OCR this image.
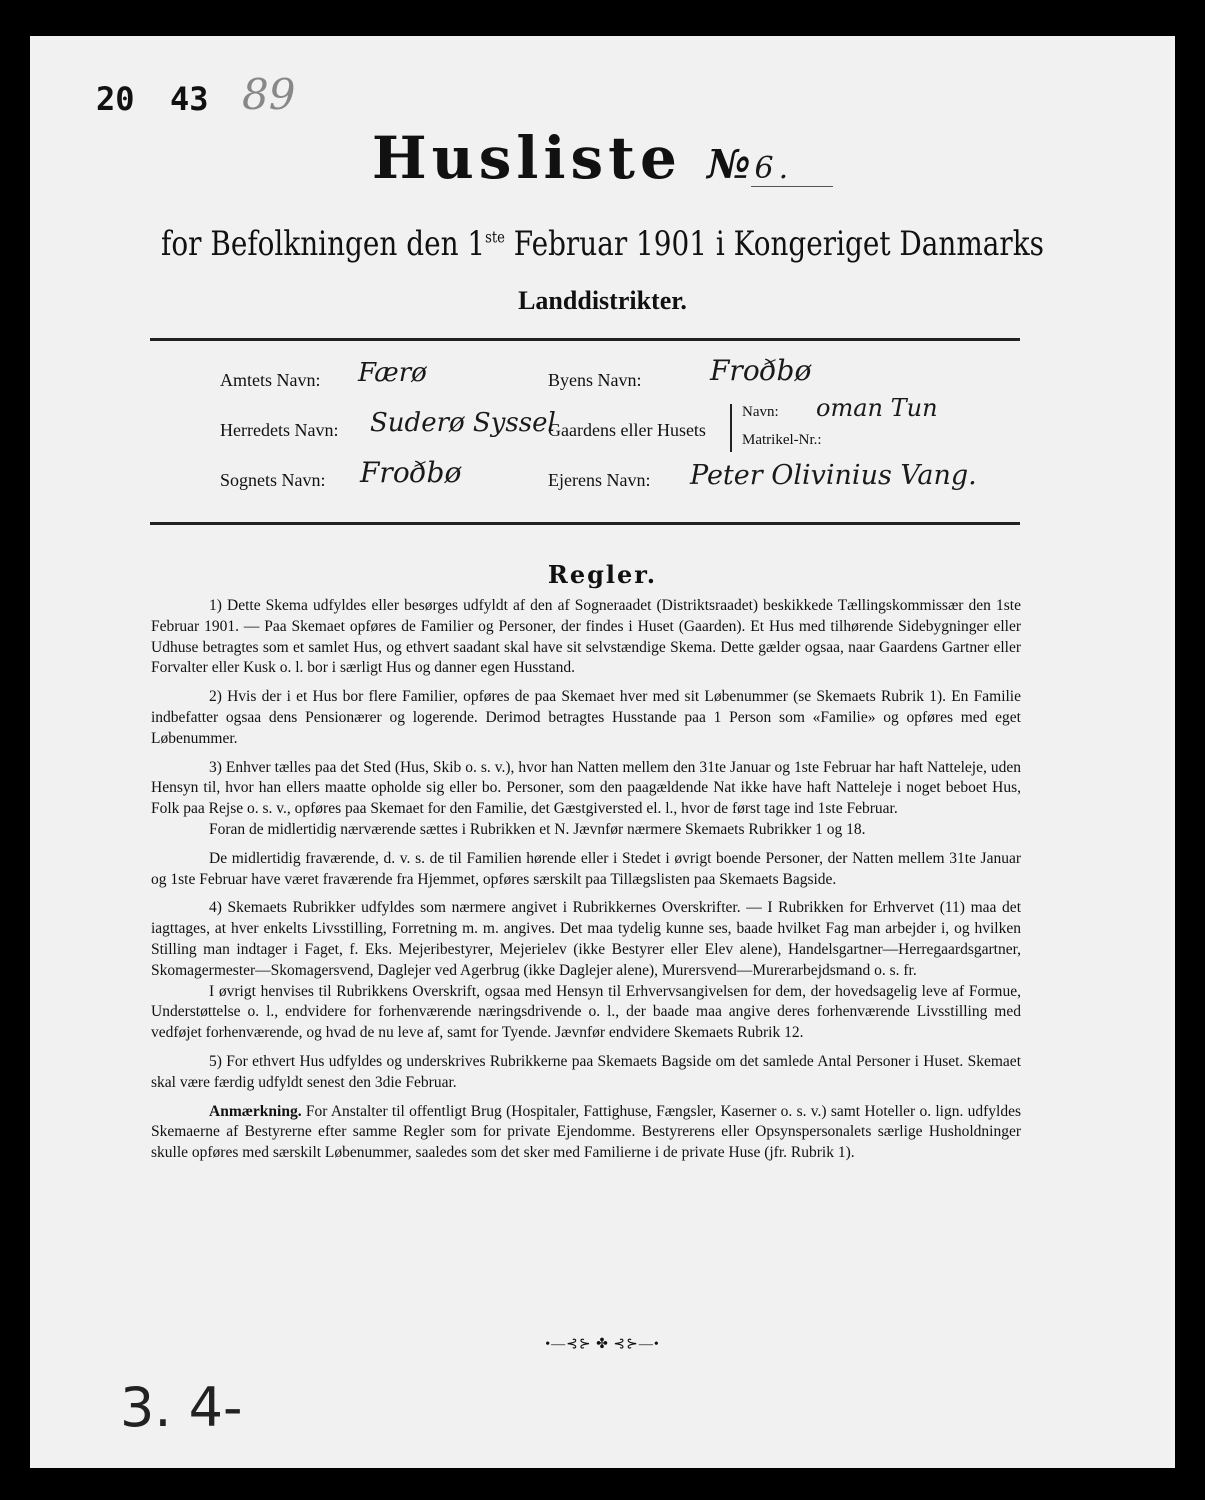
20 43 89
Husliste № 6.
for Befolkningen den 1ste Februar 1901 i Kongeriget Danmarks
Landdistrikter.
Amtets Navn: Færø	Byens Navn: Froðbø
Herredets Navn: Suderø Syssel
Gaardens eller Husets
Navn: oman Tun
Matrikel-Nr.:
Sognets Navn: Froðbø	Ejerens Navn: Peter Olivinius Vang.
Regler.

1) Dette Skema udfyldes eller besørges udfyldt af den af Sogneraadet (Distriktsraadet) beskikkede Tællingskommissær den 1ste Februar 1901. — Paa Skemaet opføres de Familier og Personer, der findes i Huset (Gaarden). Et Hus med tilhørende Sidebygninger eller Udhuse betragtes som et samlet Hus, og ethvert saadant skal have sit selvstændige Skema. Dette gælder ogsaa, naar Gaardens Gartner eller Forvalter eller Kusk o. l. bor i særligt Hus og danner egen Husstand.

2) Hvis der i et Hus bor flere Familier, opføres de paa Skemaet hver med sit Løbenummer (se Skemaets Rubrik 1). En Familie indbefatter ogsaa dens Pensionærer og logerende. Derimod betragtes Husstande paa 1 Person som «Familie» og opføres med eget Løbenummer.

3) Enhver tælles paa det Sted (Hus, Skib o. s. v.), hvor han Natten mellem den 31te Januar og 1ste Februar har haft Natteleje, uden Hensyn til, hvor han ellers maatte opholde sig eller bo. Personer, som den paagældende Nat ikke have haft Natteleje i noget beboet Hus, Folk paa Rejse o. s. v., opføres paa Skemaet for den Familie, det Gæstgiversted el. l., hvor de først tage ind 1ste Februar.

Foran de midlertidig nærværende sættes i Rubrikken et N. Jævnfør nærmere Skemaets Rubrikker 1 og 18.

De midlertidig fraværende, d. v. s. de til Familien hørende eller i Stedet i øvrigt boende Personer, der Natten mellem 31te Januar og 1ste Februar have været fraværende fra Hjemmet, opføres særskilt paa Tillægslisten paa Skemaets Bagside.

4) Skemaets Rubrikker udfyldes som nærmere angivet i Rubrikkernes Overskrifter. — I Rubrikken for Erhvervet (11) maa det iagttages, at hver enkelts Livsstilling, Forretning m. m. angives. Det maa tydelig kunne ses, baade hvilket Fag man arbejder i, og hvilken Stilling man indtager i Faget, f. Eks. Mejeribestyrer, Mejerielev (ikke Bestyrer eller Elev alene), Handelsgartner—Herregaardsgartner, Skomagermester—Skomagersvend, Daglejer ved Agerbrug (ikke Daglejer alene), Murersvend—Murerarbejdsmand o. s. fr.

I øvrigt henvises til Rubrikkens Overskrift, ogsaa med Hensyn til Erhvervsangivelsen for dem, der hovedsagelig leve af Formue, Understøttelse o. l., endvidere for forhenværende næringsdrivende o. l., der baade maa angive deres forhenværende Livsstilling med vedføjet forhenværende, og hvad de nu leve af, samt for Tyende. Jævnfør endvidere Skemaets Rubrik 12.

5) For ethvert Hus udfyldes og underskrives Rubrikkerne paa Skemaets Bagside om det samlede Antal Personer i Huset. Skemaet skal være færdig udfyldt senest den 3die Februar.

Anmærkning. For Anstalter til offentligt Brug (Hospitaler, Fattighuse, Fængsler, Kaserner o. s. v.) samt Hoteller o. lign. udfyldes Skemaerne af Bestyrerne efter samme Regler som for private Ejendomme. Bestyrerens eller Opsynspersonalets særlige Husholdninger skulle opføres med særskilt Løbenummer, saaledes som det sker med Familierne i de private Huse (jfr. Rubrik 1).

•—⊰⊱ ✤ ⊰⊱—•
3. 4-
